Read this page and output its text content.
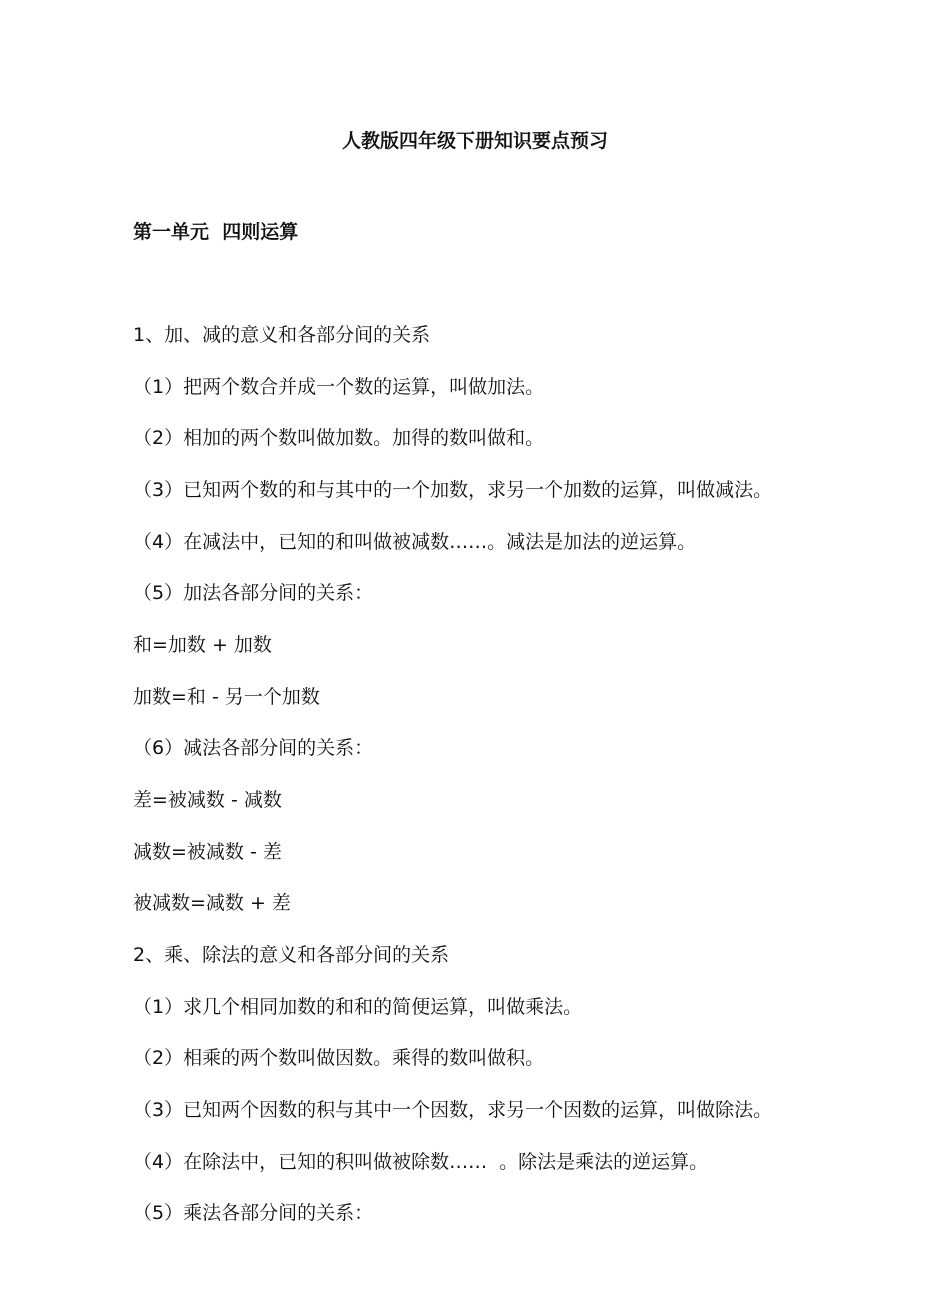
人教版四年级下册知识要点预习
第一单元  四则运算
1、加、减的意义和各部分间的关系
（1）把两个数合并成一个数的运算，叫做加法。
（2）相加的两个数叫做加数。加得的数叫做和。
（3）已知两个数的和与其中的一个加数，求另一个加数的运算，叫做减法。
（4）在减法中，已知的和叫做被减数……。减法是加法的逆运算。
（5）加法各部分间的关系：
和=加数 + 加数
加数=和 - 另一个加数
（6）减法各部分间的关系：
差=被减数 - 减数
减数=被减数 - 差
被减数=减数 + 差
2、乘、除法的意义和各部分间的关系
（1）求几个相同加数的和和的简便运算，叫做乘法。
（2）相乘的两个数叫做因数。乘得的数叫做积。
（3）已知两个因数的积与其中一个因数，求另一个因数的运算，叫做除法。
（4）在除法中，已知的积叫做被除数……  。除法是乘法的逆运算。
（5）乘法各部分间的关系：
